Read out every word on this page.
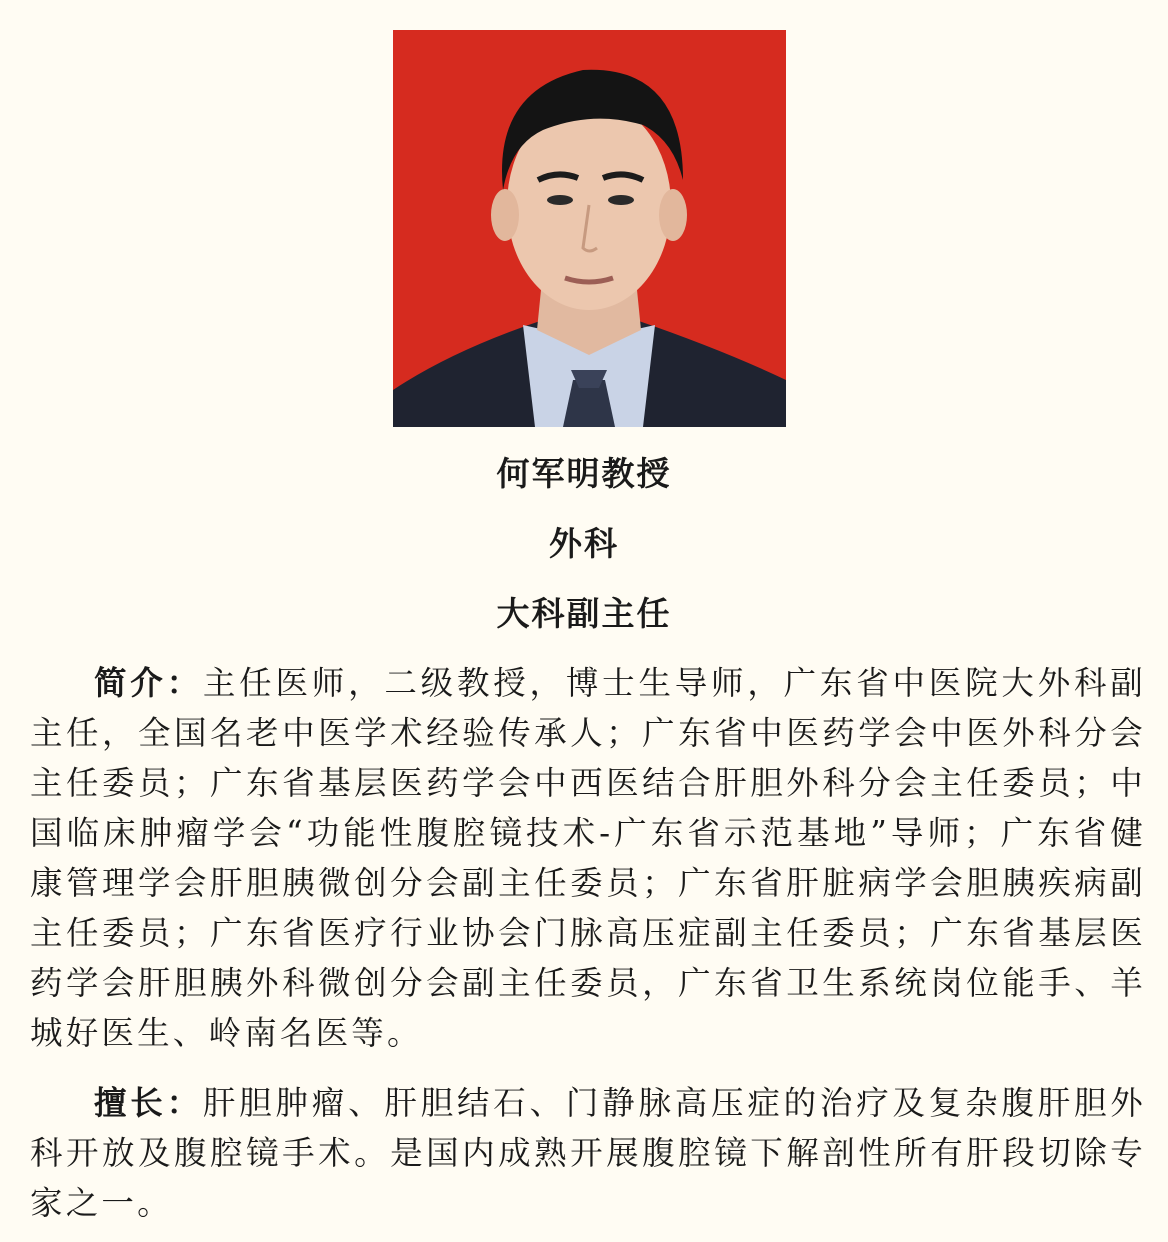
何军明教授
外科
大科副主任

简介：主任医师，二级教授，博士生导师，广东省中医院大外科副主任，全国名老中医学术经验传承人；广东省中医药学会中医外科分会主任委员；广东省基层医药学会中西医结合肝胆外科分会主任委员；中国临床肿瘤学会“功能性腹腔镜技术-广东省示范基地”导师；广东省健康管理学会肝胆胰微创分会副主任委员；广东省肝脏病学会胆胰疾病副主任委员；广东省医疗行业协会门脉高压症副主任委员；广东省基层医药学会肝胆胰外科微创分会副主任委员，广东省卫生系统岗位能手、羊城好医生、岭南名医等。

擅长：肝胆肿瘤、肝胆结石、门静脉高压症的治疗及复杂腹肝胆外科开放及腹腔镜手术。是国内成熟开展腹腔镜下解剖性所有肝段切除专家之一。
